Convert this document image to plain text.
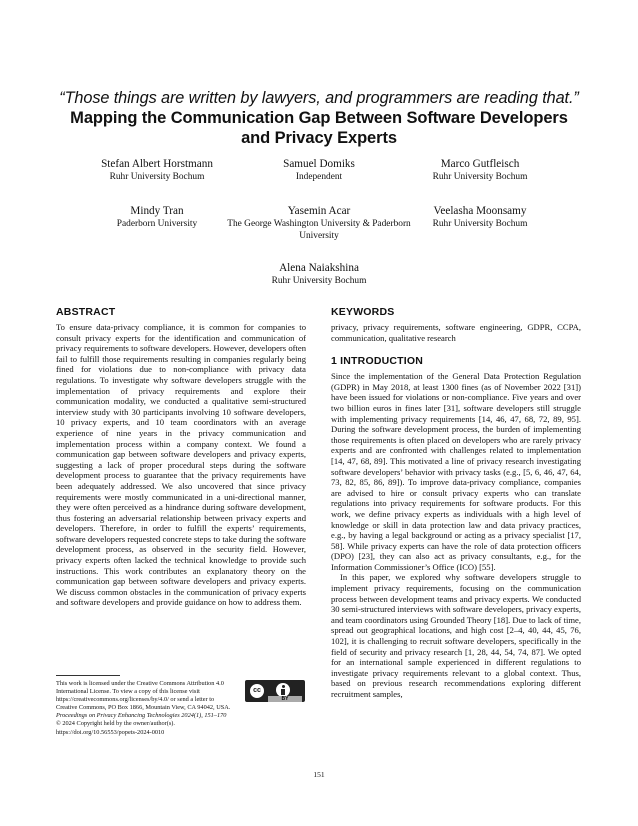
“Those things are written by lawyers, and programmers are reading that.”
Mapping the Communication Gap Between Software Developers
and Privacy Experts
Stefan Albert Horstmann
Ruhr University Bochum
Samuel Domiks
Independent
Marco Gutfleisch
Ruhr University Bochum
Mindy Tran
Paderborn University
Yasemin Acar
The George Washington University & Paderborn University
Veelasha Moonsamy
Ruhr University Bochum
Alena Naiakshina
Ruhr University Bochum
ABSTRACT

To ensure data-privacy compliance, it is common for companies to consult privacy experts for the identification and communication of privacy requirements to software developers. However, developers often fail to fulfill those requirements resulting in companies regularly being fined for violations due to non-compliance with privacy data regulations. To investigate why software developers struggle with the implementation of privacy requirements and explore their communication modality, we conducted a qualitative semi-structured interview study with 30 participants involving 10 software developers, 10 privacy experts, and 10 team coordinators with an average experience of nine years in the privacy communication and implementation process within a company context. We found a communication gap between software developers and privacy experts, suggesting a lack of proper procedural steps during the software development process to guarantee that the privacy requirements have been adequately addressed. We also uncovered that since privacy requirements were mostly communicated in a uni-directional manner, they were often perceived as a hindrance during software development, thus fostering an adversarial relationship between privacy experts and developers. Therefore, in order to fulfill the experts’ requirements, software developers requested concrete steps to take during the software development process, as observed in the security field. However, privacy experts often lacked the technical knowledge to provide such instructions. This work contributes an explanatory theory on the communication gap between software developers and privacy experts. We discuss common obstacles in the communication of privacy experts and software developers and provide guidance on how to address them.

KEYWORDS

privacy, privacy requirements, software engineering, GDPR, CCPA, communication, qualitative research

1 INTRODUCTION

Since the implementation of the General Data Protection Regulation (GDPR) in May 2018, at least 1300 fines (as of November 2022 [31]) have been issued for violations or non-compliance. Five years and over two billion euros in fines later [31], software developers still struggle with implementing privacy requirements [14, 46, 47, 68, 72, 89, 95]. During the software development process, the burden of implementing those requirements is often placed on developers who are rarely privacy experts and are confronted with challenges related to implementation [14, 47, 68, 89]. This motivated a line of privacy research investigating software developers’ behavior with privacy tasks (e.g., [5, 6, 46, 47, 64, 73, 82, 85, 86, 89]). To improve data-privacy compliance, companies are advised to hire or consult privacy experts who can translate regulations into privacy requirements for software products. For this work, we define privacy experts as individuals with a high level of knowledge or skill in data protection law and data privacy practices, e.g., by having a legal background or acting as a privacy specialist [17, 58]. While privacy experts can have the role of data protection officers (DPO) [23], they can also act as privacy consultants, e.g., for the Information Commissioner’s Office (ICO) [55].

In this paper, we explored why software developers struggle to implement privacy requirements, focusing on the communication process between development teams and privacy experts. We conducted 30 semi-structured interviews with software developers, privacy experts, and team coordinators using Grounded Theory [18]. Due to lack of time, spread out geographical locations, and high cost [2–4, 40, 44, 45, 76, 102], it is challenging to recruit software developers, specifically in the field of security and privacy research [1, 28, 44, 54, 74, 87]. We opted for an international sample experienced in different regulations to investigate privacy requirements relevant to a global context. Thus, based on previous research recommendations exploring different recruitment samples,

This work is licensed under the Creative Commons Attribution 4.0 International License. To view a copy of this license visit https://creativecommons.org/licenses/by/4.0/ or send a letter to Creative Commons, PO Box 1866, Mountain View, CA 94042, USA.
cc
BY
Proceedings on Privacy Enhancing Technologies 2024(1), 151–170
© 2024 Copyright held by the owner/author(s).
https://doi.org/10.56553/popets-2024-0010
151
